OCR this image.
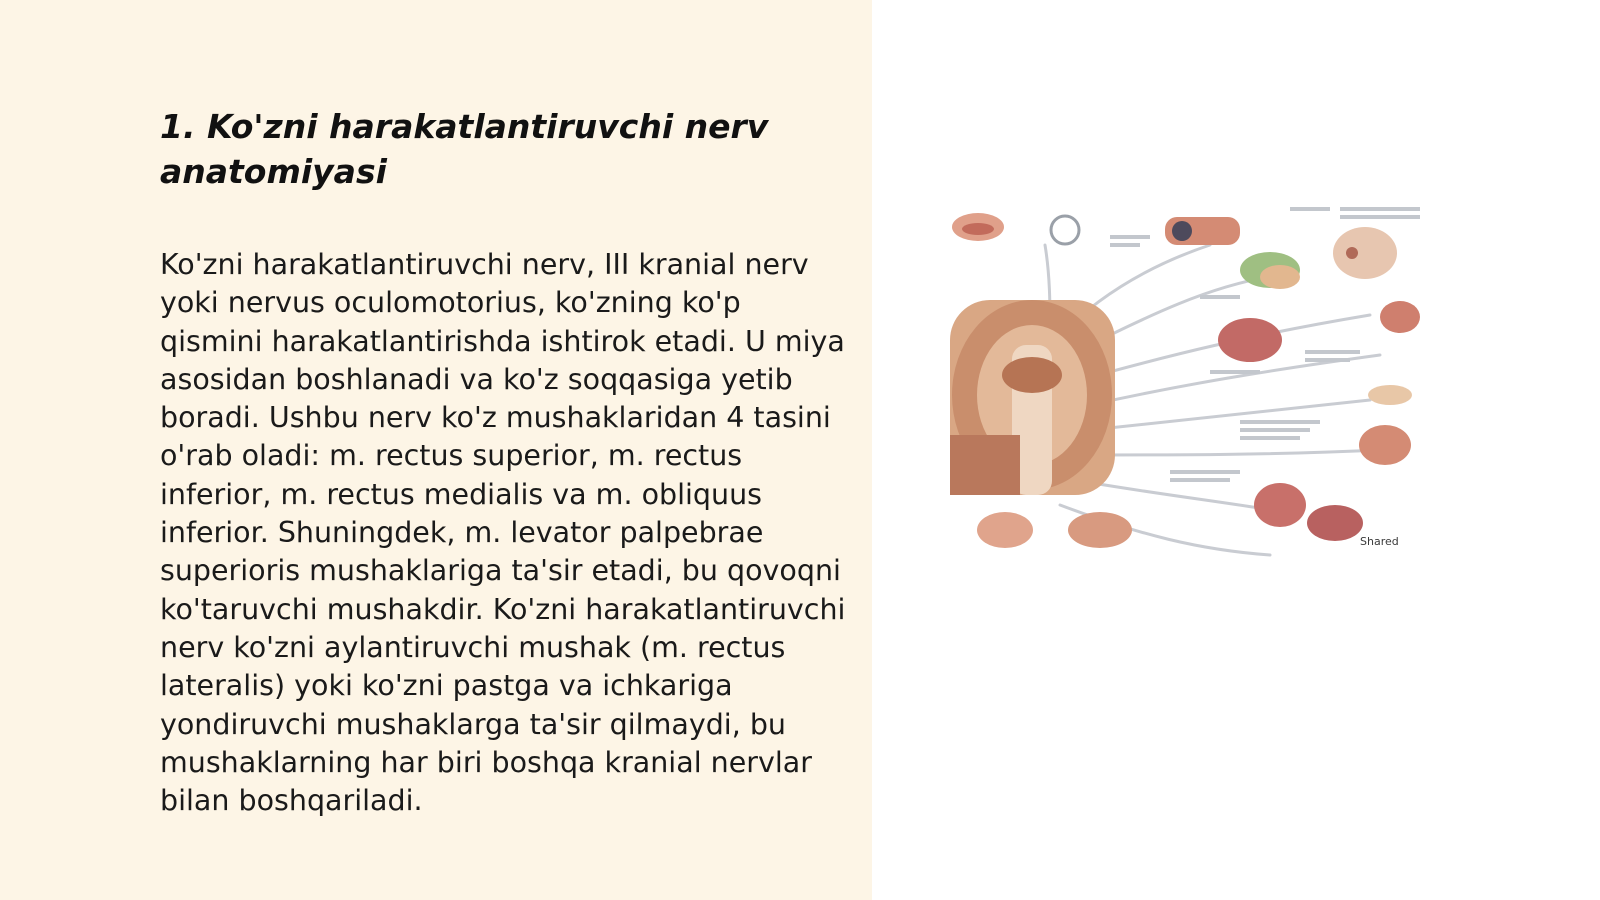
1. Ko'zni harakatlantiruvchi nerv anatomiyasi

Ko'zni harakatlantiruvchi nerv, III kranial nerv yoki nervus oculomotorius, ko'zning ko'p qismini harakatlantirishda ishtirok etadi. U miya asosidan boshlanadi va ko'z soqqasiga yetib boradi. Ushbu nerv ko'z mushaklaridan 4 tasini o'rab oladi: m. rectus superior, m. rectus inferior, m. rectus medialis va m. obliquus inferior. Shuningdek, m. levator palpebrae superioris mushaklariga ta'sir etadi, bu qovoqni ko'taruvchi mushakdir. Ko'zni harakatlantiruvchi nerv ko'zni aylantiruvchi mushak (m. rectus lateralis) yoki ko'zni pastga va ichkariga yondiruvchi mushaklarga ta'sir qilmaydi, bu mushaklarning har biri boshqa kranial nervlar bilan boshqariladi.

Shared
